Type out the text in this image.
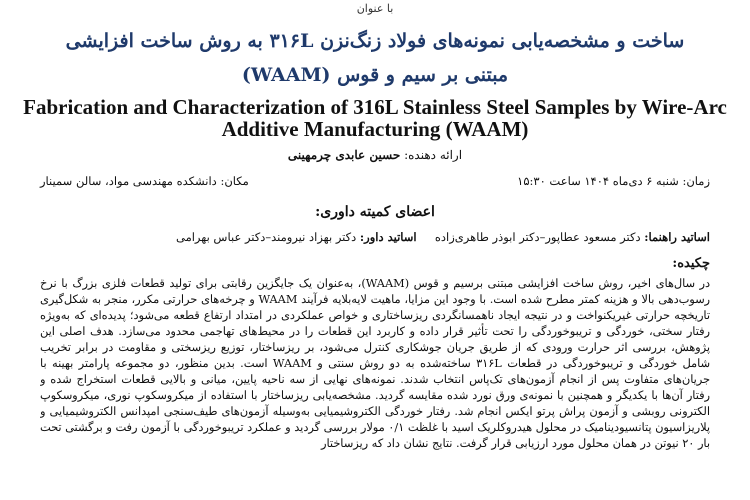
با عنوان
ساخت و مشخصه‌یابی نمونه‌های فولاد زنگ‌نزن ۳۱۶L به روش ساخت افزایشی
مبتنی بر سیم و قوس (WAAM)
Fabrication and Characterization of 316L Stainless Steel Samples by Wire-Arc Additive Manufacturing (WAAM)
ارائه دهنده: حسین عابدی چرمهینی
زمان: شنبه ۶ دی‌ماه ۱۴۰۴ ساعت ۱۵:۳۰
مکان: دانشکده مهندسی مواد، سالن سمینار
اعضای کمیته داوری:
اساتید راهنما: دکتر مسعود عطاپور–دکتر ابوذر طاهری‌زاده     اساتید داور: دکتر بهزاد نیرومند–دکتر عباس بهرامی
چکیده:
در سال‌های اخیر، روش ساخت افزایشی مبتنی برسیم و قوس (WAAM)، به‌عنوان یک جایگزین رقابتی برای تولید قطعات فلزی بزرگ با نرخ رسوب‌دهی بالا و هزینه کمتر مطرح شده است. با وجود این مزایا، ماهیت لایه‌بلایه فرآیند WAAM و چرخه‌های حرارتی مکرر، منجر به شکل‌گیری تاریخچه حرارتی غیریکنواخت و در نتیجه ایجاد ناهمسانگردی ریزساختاری و خواص عملکردی در امتداد ارتفاع قطعه می‌شود؛ پدیده‌ای که به‌ویژه رفتار سختی، خوردگی و تریبوخوردگی را تحت تأثیر قرار داده و کاربرد این قطعات را در محیط‌های تهاجمی محدود می‌سازد. هدف اصلی این پژوهش، بررسی اثر حرارت ورودی که از طریق جریان جوشکاری کنترل می‌شود، بر ریزساختار، توزیع ریزسختی و مقاومت در برابر تخریب شامل خوردگی و تریبوخوردگی در قطعات ۳۱۶L ساخته‌شده به دو روش سنتی و WAAM است. بدین منظور، دو مجموعه پارامتر بهینه با جریان‌های متفاوت پس از انجام آزمون‌های تک‌پاس انتخاب شدند. نمونه‌های نهایی از سه ناحیه پایین، میانی و بالایی قطعات استخراج شده و رفتار آن‌ها با یکدیگر و همچنین با نمونه‌ی ورق نورد شده مقایسه گردید. مشخصه‌یابی ریزساختار با استفاده از میکروسکوپ نوری، میکروسکوپ الکترونی روبشی و آزمون پراش پرتو ایکس انجام شد. رفتار خوردگی الکتروشیمیایی به‌وسیله آزمون‌های طیف‌سنجی امپدانس الکتروشیمیایی و پلاریزاسیون پتانسیودینامیک در محلول هیدروکلریک اسید با غلظت ۰/۱ مولار بررسی گردید و عملکرد تریبوخوردگی با آزمون رفت و برگشتی تحت بار ۲۰ نیوتن در همان محلول مورد ارزیابی قرار گرفت. نتایج نشان داد که ریزساختار
